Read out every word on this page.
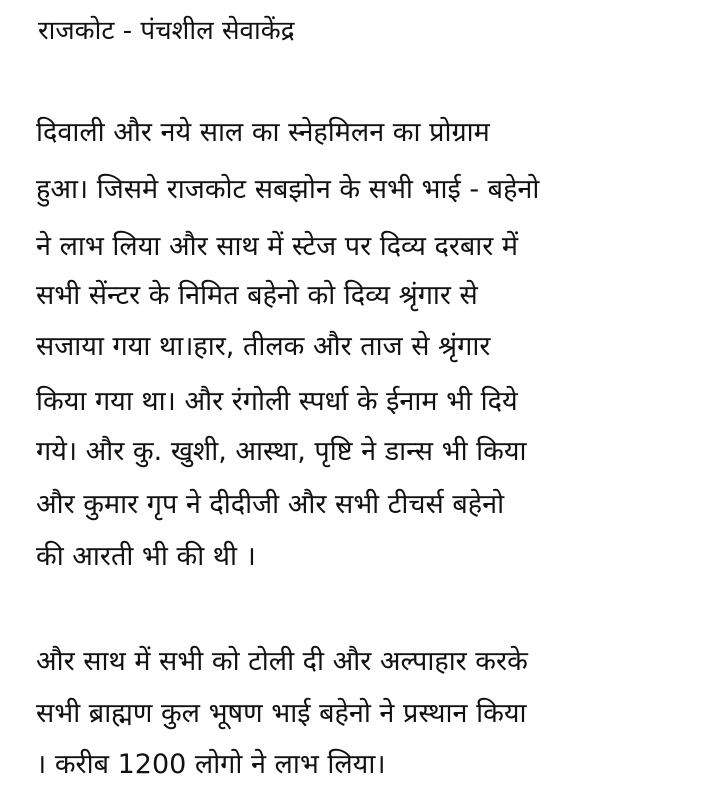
राजकोट - पंचशील सेवाकेंद्र

दिवाली और नये साल का स्नेहमिलन का प्रोग्राम

हुआ। जिसमे राजकोट सबझोन के सभी भाई - बहेनो

ने लाभ लिया और साथ में स्टेज पर दिव्य दरबार में

सभी सेंन्टर के निमित बहेनो को दिव्य श्रृंगार से

सजाया गया था।हार, तीलक और ताज से श्रृंगार

किया गया था। और रंगोली स्पर्धा के ईनाम भी दिये

गये। और कु. खुशी, आस्था, पृष्टि ने डान्स भी किया

और कुमार गृप ने दीदीजी और सभी टीचर्स बहेनो

की आरती भी की थी ।

और साथ में सभी को टोली दी और अल्पाहार करके

सभी ब्राह्मण कुल भूषण भाई बहेनो ने प्रस्थान किया

। करीब 1200 लोगो ने लाभ लिया।
